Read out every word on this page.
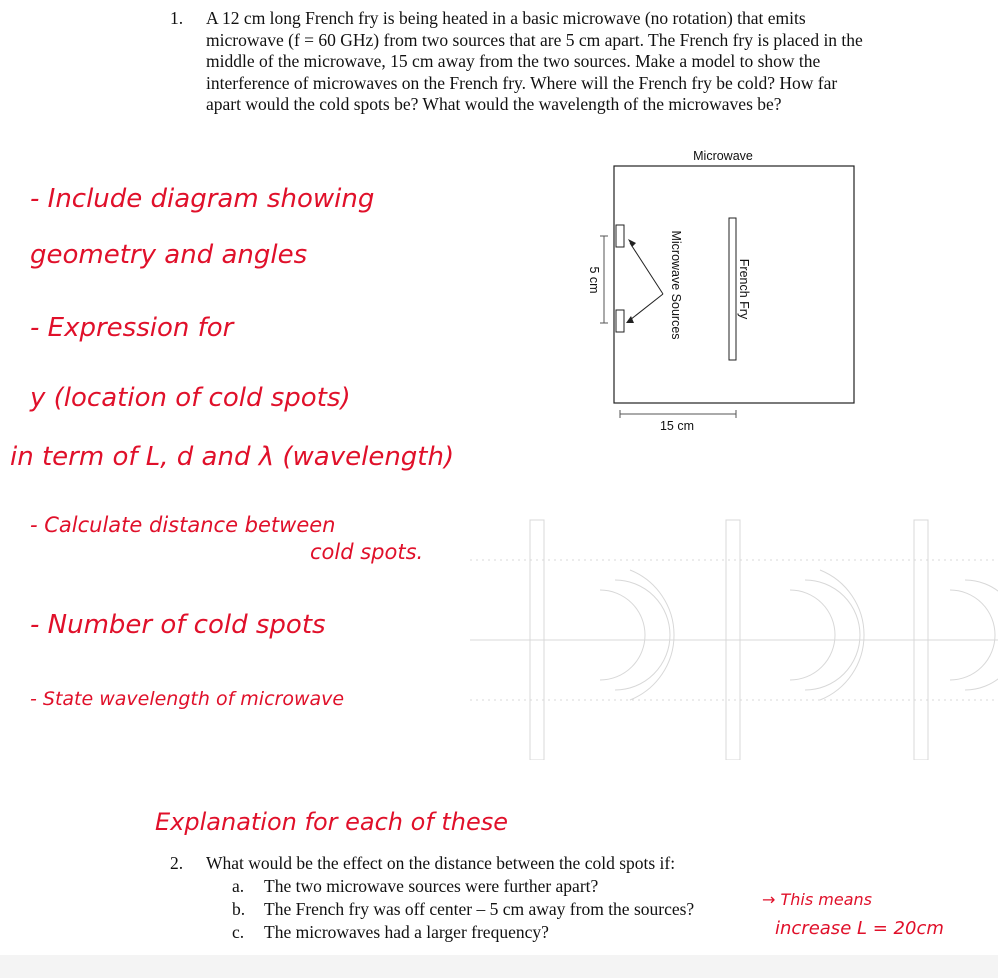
1. A 12 cm long French fry is being heated in a basic microwave (no rotation) that emits microwave (f = 60 GHz) from two sources that are 5 cm apart. The French fry is placed in the middle of the microwave, 15 cm away from the two sources. Make a model to show the interference of microwaves on the French fry. Where will the French fry be cold? How far apart would the cold spots be? What would the wavelength of the microwaves be?
Microwave
5 cm	Microwave Sources	French Fry
15 cm
- Include diagram showing
geometry and angles
- Expression for
y (location of cold spots)
in term of L, d and λ (wavelength)
- Calculate distance between
cold spots.
- Number of cold spots
- State wavelength of microwave
Explanation for each of these
2. What would be the effect on the distance between the cold spots if:
a. The two microwave sources were further apart?
b. The French fry was off center – 5 cm away from the sources?
c. The microwaves had a larger frequency?
→ This means
increase L = 20cm
